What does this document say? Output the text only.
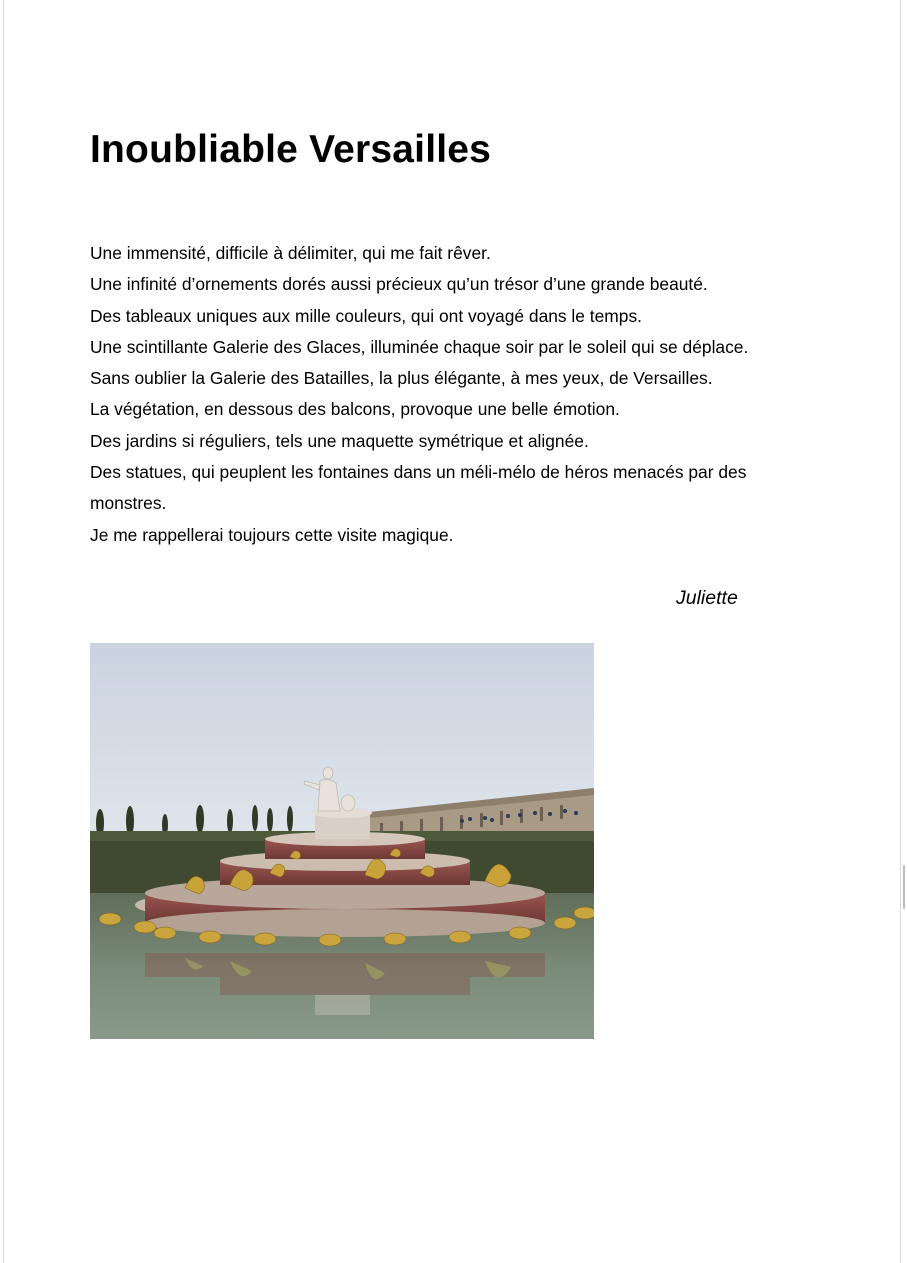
Inoubliable Versailles
Une immensité, difficile à délimiter, qui me fait rêver.
Une infinité d’ornements dorés aussi précieux qu’un trésor d’une grande beauté.
Des tableaux uniques aux mille couleurs, qui ont voyagé dans le temps.
Une scintillante Galerie des Glaces, illuminée chaque soir par le soleil qui se déplace.
Sans oublier la Galerie des Batailles, la plus élégante, à mes yeux, de Versailles.
La végétation, en dessous des balcons, provoque une belle émotion.
Des jardins si réguliers, tels une maquette symétrique et alignée.
Des statues, qui peuplent les fontaines dans un méli-mélo de héros menacés par des monstres.
Je me rappellerai toujours cette visite magique.
Juliette
